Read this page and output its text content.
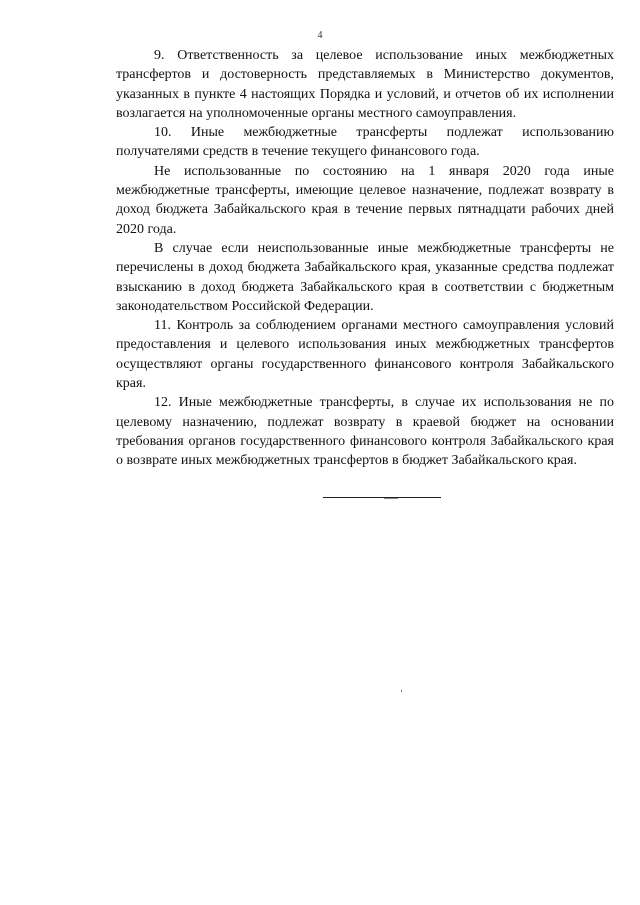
4

9. Ответственность за целевое использование иных межбюджетных трансфертов и достоверность представляемых в Министерство документов, указанных в пункте 4 настоящих Порядка и условий, и отчетов об их исполнении возлагается на уполномоченные органы местного самоуправления.

10. Иные межбюджетные трансферты подлежат использованию получателями средств в течение текущего финансового года.

Не использованные по состоянию на 1 января 2020 года иные межбюджетные трансферты, имеющие целевое назначение, подлежат возврату в доход бюджета Забайкальского края в течение первых пятнадцати рабочих дней 2020 года.

В случае если неиспользованные иные межбюджетные трансферты не перечислены в доход бюджета Забайкальского края, указанные средства подлежат взысканию в доход бюджета Забайкальского края в соответствии с бюджетным законодательством Российской Федерации.

11. Контроль за соблюдением органами местного самоуправления условий предоставления и целевого использования иных межбюджетных трансфертов осуществляют органы государственного финансового контроля Забайкальского края.

12. Иные межбюджетные трансферты, в случае их использования не по целевому назначению, подлежат возврату в краевой бюджет на основании требования органов государственного финансового контроля Забайкальского края о возврате иных межбюджетных трансфертов в бюджет Забайкальского края.
